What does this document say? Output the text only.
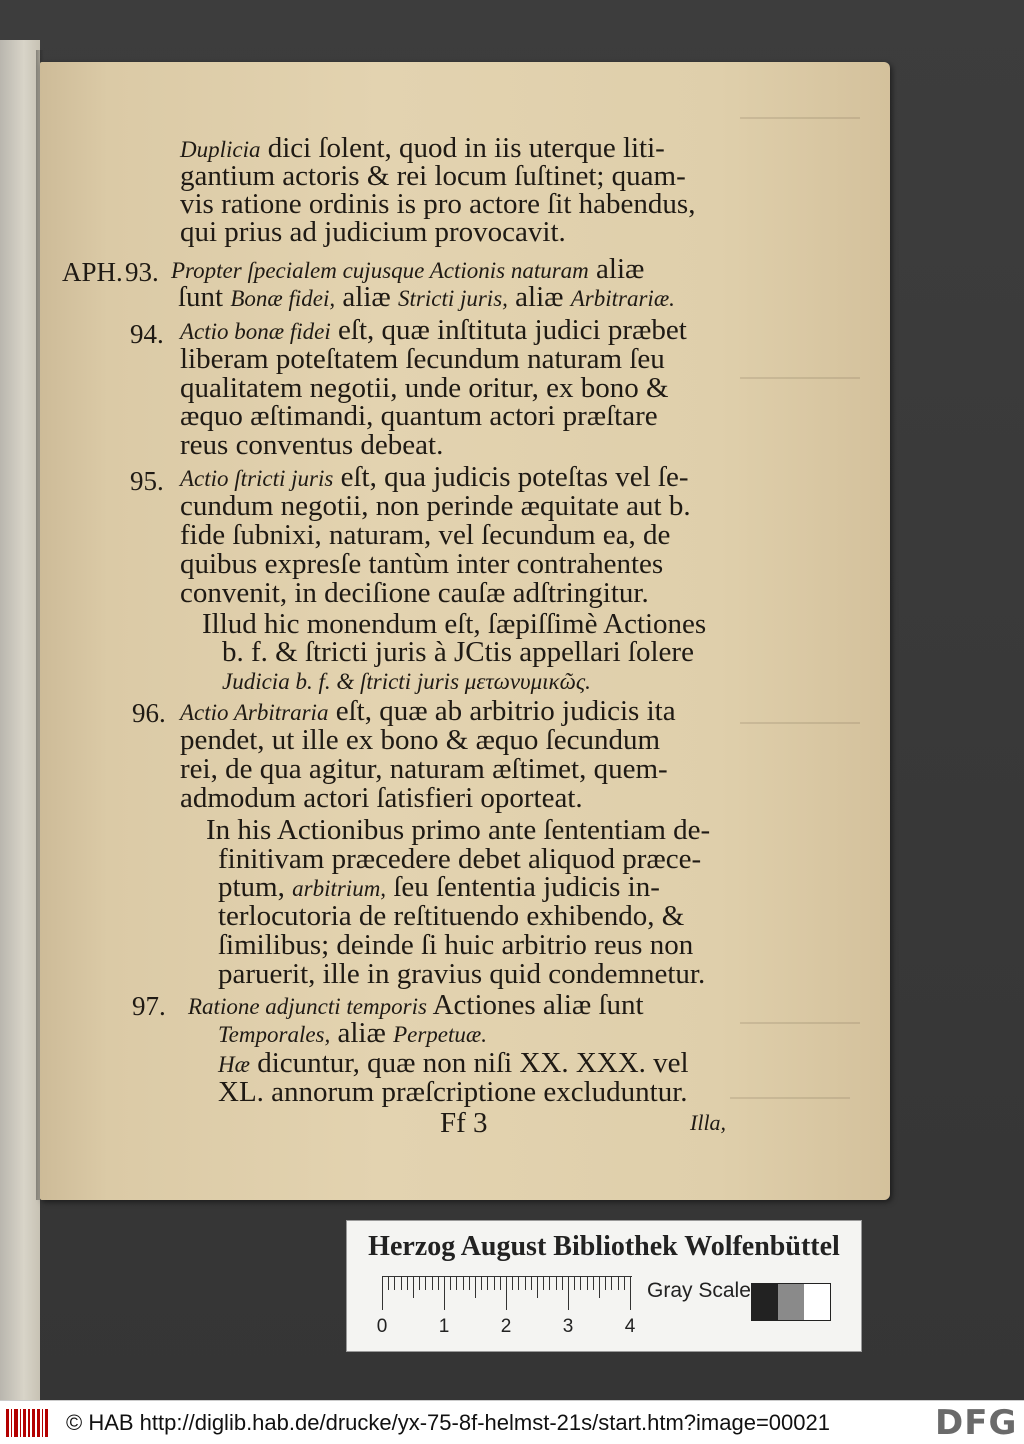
Duplicia dici ſolent, quod in iis uterque liti-
gantium actoris & rei locum ſuſtinet; quam-
vis ratione ordinis is pro actore ſit habendus,
qui prius ad judicium provocavit.
Propter ſpecialem cujusque Actionis naturam aliæ
ſunt Bonæ fidei, aliæ Stricti juris, aliæ Arbitrariæ.
Actio bonæ fidei eſt, quæ inſtituta judici præbet
liberam poteſtatem ſecundum naturam ſeu
qualitatem negotii, unde oritur, ex bono &
æquo æſtimandi, quantum actori præſtare
reus conventus debeat.
Actio ſtricti juris eſt, qua judicis poteſtas vel ſe-
cundum negotii, non perinde æquitate aut b.
fide ſubnixi, naturam, vel ſecundum ea, de
quibus expresſe tantùm inter contrahentes
convenit, in deciſione cauſæ adſtringitur.
Illud hic monendum eſt, ſæpiſſimè Actiones
b. f. & ſtricti juris à JCtis appellari ſolere
Judicia b. f. & ſtricti juris μετωνυμικῶς.
Actio Arbitraria eſt, quæ ab arbitrio judicis ita
pendet, ut ille ex bono & æquo ſecundum
rei, de qua agitur, naturam æſtimet, quem-
admodum actori ſatisfieri oporteat.
In his Actionibus primo ante ſententiam de-
finitivam præcedere debet aliquod præce-
ptum, arbitrium, ſeu ſententia judicis in-
terlocutoria de reſtituendo exhibendo, &
ſimilibus; deinde ſi huic arbitrio reus non
paruerit, ille in gravius quid condemnetur.
Ratione adjuncti temporis Actiones aliæ ſunt
Temporales, aliæ Perpetuæ.
Hæ dicuntur, quæ non niſi XX. XXX. vel
XL. annorum præſcriptione excluduntur.
APH. 93.
94.
95.
96.
97.
Ff 3	Illa,
Herzog August Bibliothek Wolfenbüttel
0	1	2	3	4
Gray Scale
© HAB http://diglib.hab.de/drucke/yx-75-8f-helmst-21s/start.htm?image=00021	DFG
